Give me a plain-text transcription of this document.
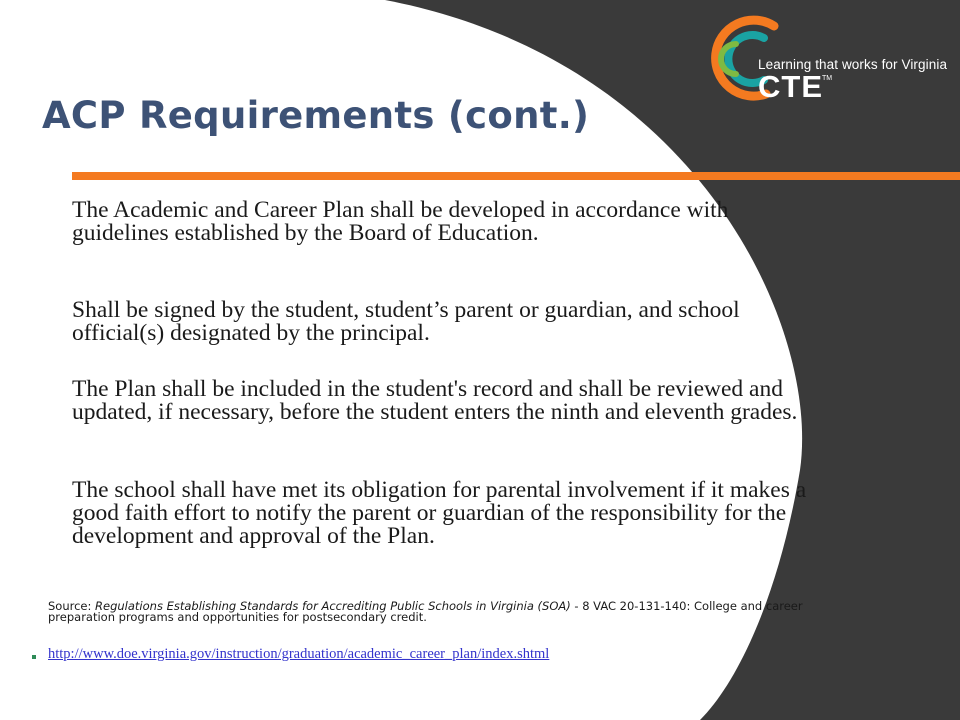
Learning that works for Virginia
CTE TM
ACP Requirements (cont.)
The Academic and Career Plan shall be developed in accordance with guidelines established by the Board of Education.
Shall be signed by the student, student’s parent or guardian, and school official(s) designated by the principal.
The Plan shall be included in the student's record and shall be reviewed and updated, if necessary, before the student enters the ninth and eleventh grades.
The school shall have met its obligation for parental involvement if it makes a good faith effort to notify the parent or guardian of the responsibility for the development and approval of the Plan.
Source: Regulations Establishing Standards for Accrediting Public Schools in Virginia (SOA) - 8 VAC 20-131-140: College and career preparation programs and opportunities for postsecondary credit.
http://www.doe.virginia.gov/instruction/graduation/academic_career_plan/index.shtml
